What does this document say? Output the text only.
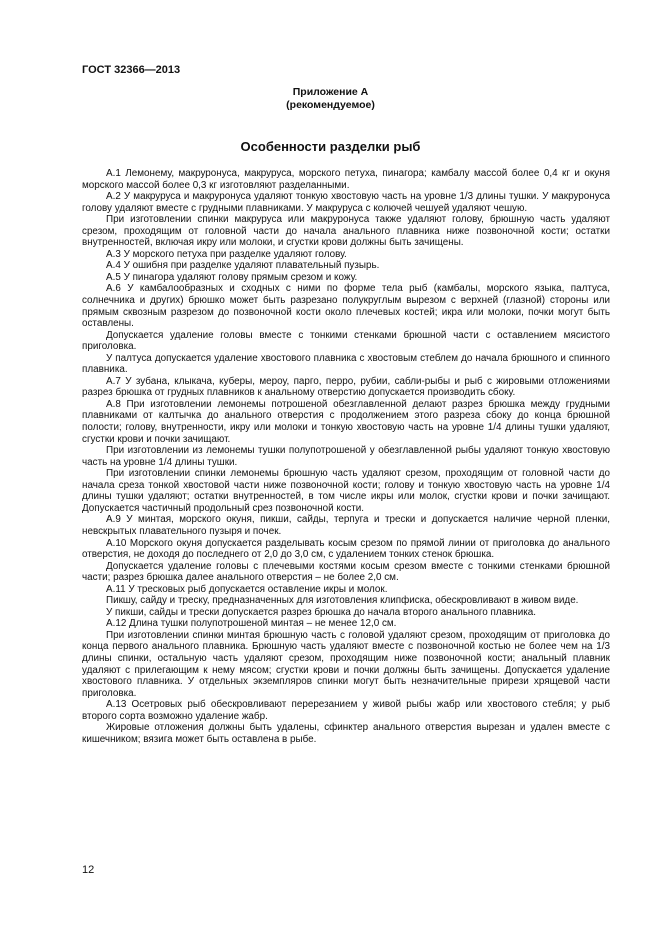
ГОСТ 32366—2013
Приложение А
(рекомендуемое)
Особенности разделки рыб

А.1 Лемонему, макруронуса, макруруса, морского петуха, пинагора; камбалу массой более 0,4 кг и окуня морского массой более 0,3 кг изготовляют разделанными.

А.2 У макруруса и макруронуса удаляют тонкую хвостовую часть на уровне 1/3 длины тушки. У макруронуса голову удаляют вместе с грудными плавниками. У макруруса с колючей чешуей удаляют чешую.

При изготовлении спинки макруруса или макруронуса также удаляют голову, брюшную часть удаляют срезом, проходящим от головной части до начала анального плавника ниже позвоночной кости; остатки внутренностей, включая икру или молоки, и сгустки крови должны быть зачищены.

А.3 У морского петуха при разделке удаляют голову.

А.4 У ошибня при разделке удаляют плавательный пузырь.

А.5 У пинагора удаляют голову прямым срезом и кожу.

А.6 У камбалообразных и сходных с ними по форме тела рыб (камбалы, морского языка, палтуса, солнечника и других) брюшко может быть разрезано полукруглым вырезом с верхней (глазной) стороны или прямым сквозным разрезом до позвоночной кости около плечевых костей; икра или молоки, почки могут быть оставлены.

Допускается удаление головы вместе с тонкими стенками брюшной части с оставлением мясистого приголовка.

У палтуса допускается удаление хвостового плавника с хвостовым стеблем до начала брюшного и спинного плавника.

А.7 У зубана, клыкача, куберы, мероу, парго, перро, рубии, сабли-рыбы и рыб с жировыми отложениями разрез брюшка от грудных плавников к анальному отверстию допускается производить сбоку.

А.8 При изготовлении лемонемы потрошеной обезглавленной делают разрез брюшка между грудными плавниками от калтычка до анального отверстия с продолжением этого разреза сбоку до конца брюшной полости; голову, внутренности, икру или молоки и тонкую хвостовую часть на уровне 1/4 длины тушки удаляют, сгустки крови и почки зачищают.

При изготовлении из лемонемы тушки полупотрошеной у обезглавленной рыбы удаляют тонкую хвостовую часть на уровне 1/4 длины тушки.

При изготовлении спинки лемонемы брюшную часть удаляют срезом, проходящим от головной части до начала среза тонкой хвостовой части ниже позвоночной кости; голову и тонкую хвостовую часть на уровне 1/4 длины тушки удаляют; остатки внутренностей, в том числе икры или молок, сгустки крови и почки зачищают. Допускается частичный продольный срез позвоночной кости.

А.9 У минтая, морского окуня, пикши, сайды, терпуга и трески и допускается наличие черной пленки, невскрытых плавательного пузыря и почек.

А.10 Морского окуня допускается разделывать косым срезом по прямой линии от приголовка до анального отверстия, не доходя до последнего от 2,0 до 3,0 см, с удалением тонких стенок брюшка.

Допускается удаление головы с плечевыми костями косым срезом вместе с тонкими стенками брюшной части; разрез брюшка далее анального отверстия – не более 2,0 см.

А.11 У тресковых рыб допускается оставление икры и молок.

Пикшу, сайду и треску, предназначенных для изготовления клипфиска, обескровливают в живом виде.

У пикши, сайды и трески допускается разрез брюшка до начала второго анального плавника.

А.12 Длина тушки полупотрошеной минтая – не менее 12,0 см.

При изготовлении спинки минтая брюшную часть с головой удаляют срезом, проходящим от приголовка до конца первого анального плавника. Брюшную часть удаляют вместе с позвоночной костью не более чем на 1/3 длины спинки, остальную часть удаляют срезом, проходящим ниже позвоночной кости; анальный плавник удаляют с прилегающим к нему мясом; сгустки крови и почки должны быть зачищены. Допускается удаление хвостового плавника. У отдельных экземпляров спинки могут быть незначительные прирези хрящевой части приголовка.

А.13 Осетровых рыб обескровливают перерезанием у живой рыбы жабр или хвостового стебля; у рыб второго сорта возможно удаление жабр.

Жировые отложения должны быть удалены, сфинктер анального отверстия вырезан и удален вместе с кишечником; вязига может быть оставлена в рыбе.

12
